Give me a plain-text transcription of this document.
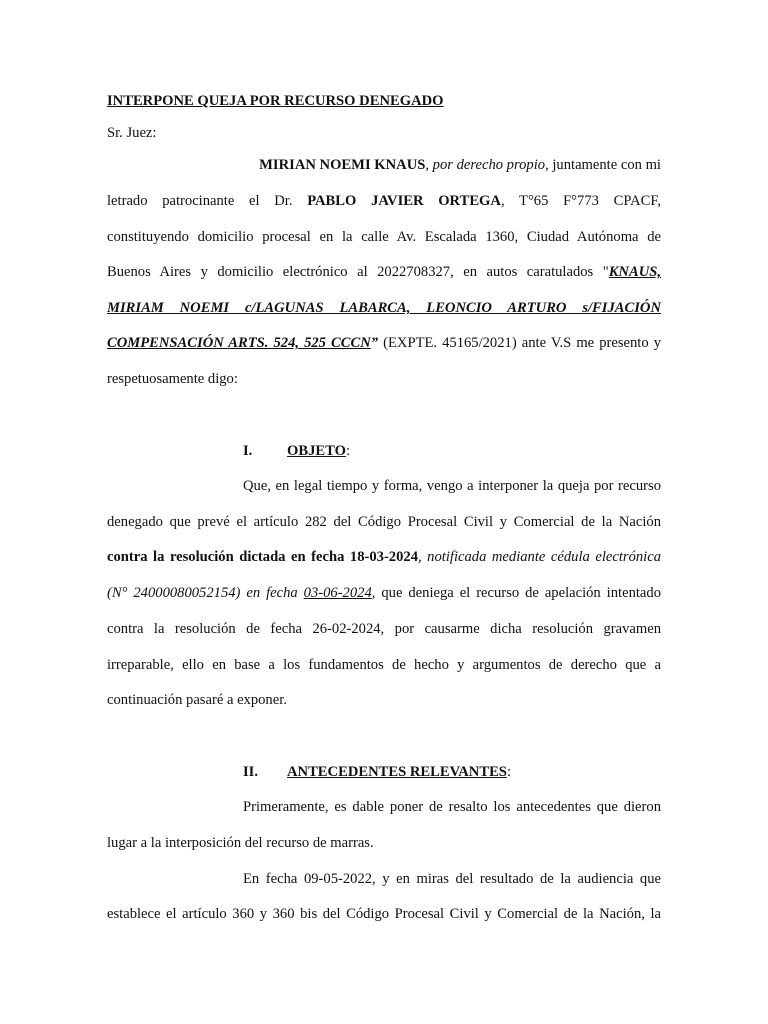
INTERPONE QUEJA POR RECURSO DENEGADO
Sr. Juez:
MIRIAN NOEMI KNAUS, por derecho propio, juntamente con mi
letrado patrocinante el Dr. PABLO JAVIER ORTEGA, T°65 F°773 CPACF,
constituyendo domicilio procesal en la calle Av. Escalada 1360, Ciudad Autónoma de
Buenos Aires y domicilio electrónico al 2022708327, en autos caratulados "KNAUS,
MIRIAM NOEMI c/LAGUNAS LABARCA, LEONCIO ARTURO s/FIJACIÓN
COMPENSACIÓN ARTS. 524, 525 CCCN” (EXPTE. 45165/2021) ante V.S me presento y
respetuosamente digo:
I. OBJETO:
Que, en legal tiempo y forma, vengo a interponer la queja por recurso
denegado que prevé el artículo 282 del Código Procesal Civil y Comercial de la Nación
contra la resolución dictada en fecha 18-03-2024, notificada mediante cédula electrónica
(N° 24000080052154) en fecha 03-06-2024, que deniega el recurso de apelación intentado
contra la resolución de fecha 26-02-2024, por causarme dicha resolución gravamen
irreparable, ello en base a los fundamentos de hecho y argumentos de derecho que a
continuación pasaré a exponer.
II. ANTECEDENTES RELEVANTES:
Primeramente, es dable poner de resalto los antecedentes que dieron
lugar a la interposición del recurso de marras.
En fecha 09-05-2022, y en miras del resultado de la audiencia que
establece el artículo 360 y 360 bis del Código Procesal Civil y Comercial de la Nación, la
